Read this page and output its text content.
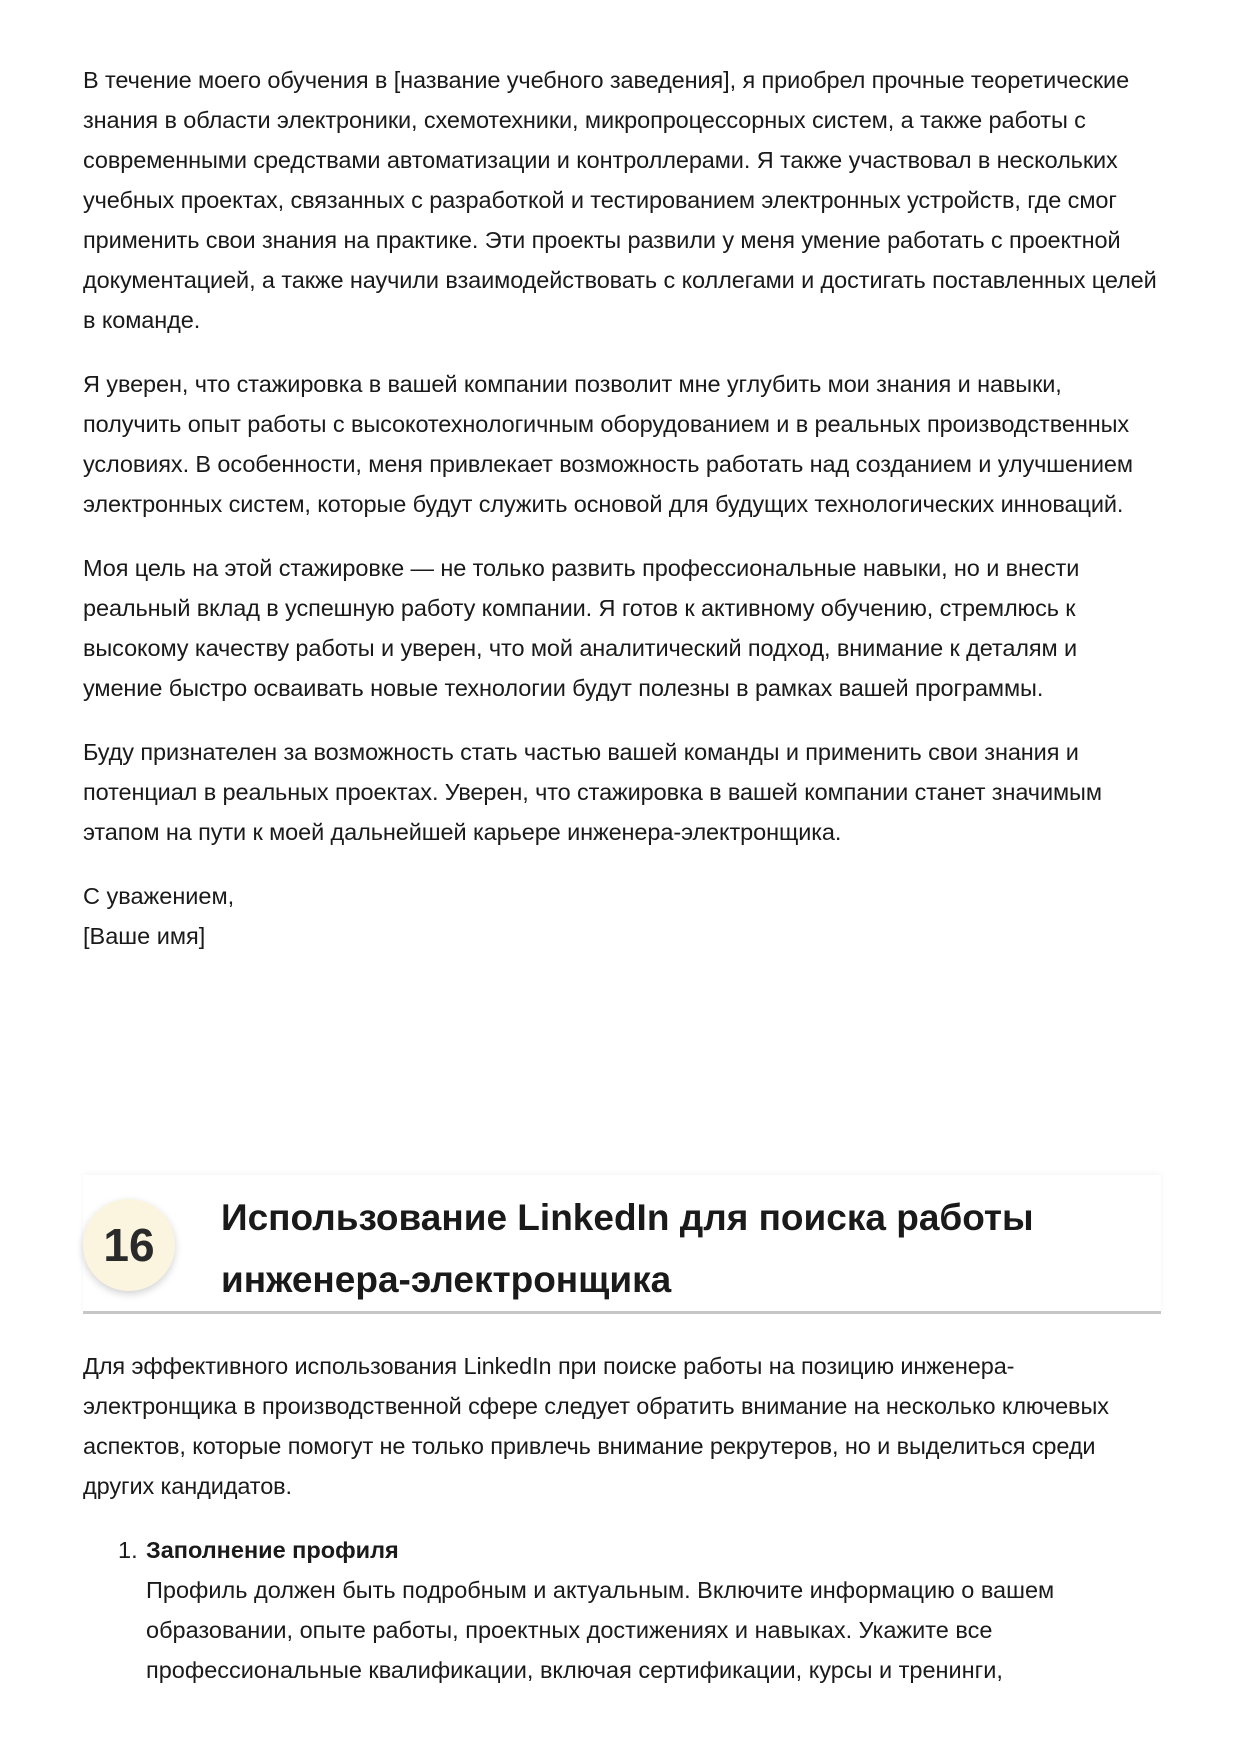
В течение моего обучения в [название учебного заведения], я приобрел прочные теоретические знания в области электроники, схемотехники, микропроцессорных систем, а также работы с современными средствами автоматизации и контроллерами. Я также участвовал в нескольких учебных проектах, связанных с разработкой и тестированием электронных устройств, где смог применить свои знания на практике. Эти проекты развили у меня умение работать с проектной документацией, а также научили взаимодействовать с коллегами и достигать поставленных целей в команде.

Я уверен, что стажировка в вашей компании позволит мне углубить мои знания и навыки, получить опыт работы с высокотехнологичным оборудованием и в реальных производственных условиях. В особенности, меня привлекает возможность работать над созданием и улучшением электронных систем, которые будут служить основой для будущих технологических инноваций.

Моя цель на этой стажировке — не только развить профессиональные навыки, но и внести реальный вклад в успешную работу компании. Я готов к активному обучению, стремлюсь к высокому качеству работы и уверен, что мой аналитический подход, внимание к деталям и умение быстро осваивать новые технологии будут полезны в рамках вашей программы.

Буду признателен за возможность стать частью вашей команды и применить свои знания и потенциал в реальных проектах. Уверен, что стажировка в вашей компании станет значимым этапом на пути к моей дальнейшей карьере инженера-электронщика.

С уважением,

[Ваше имя]

16
Использование LinkedIn для поиска работы инженера-электронщика

Для эффективного использования LinkedIn при поиске работы на позицию инженера-электронщика в производственной сфере следует обратить внимание на несколько ключевых аспектов, которые помогут не только привлечь внимание рекрутеров, но и выделиться среди других кандидатов.

1. Заполнение профиля
Профиль должен быть подробным и актуальным. Включите информацию о вашем образовании, опыте работы, проектных достижениях и навыках. Укажите все профессиональные квалификации, включая сертификации, курсы и тренинги,
